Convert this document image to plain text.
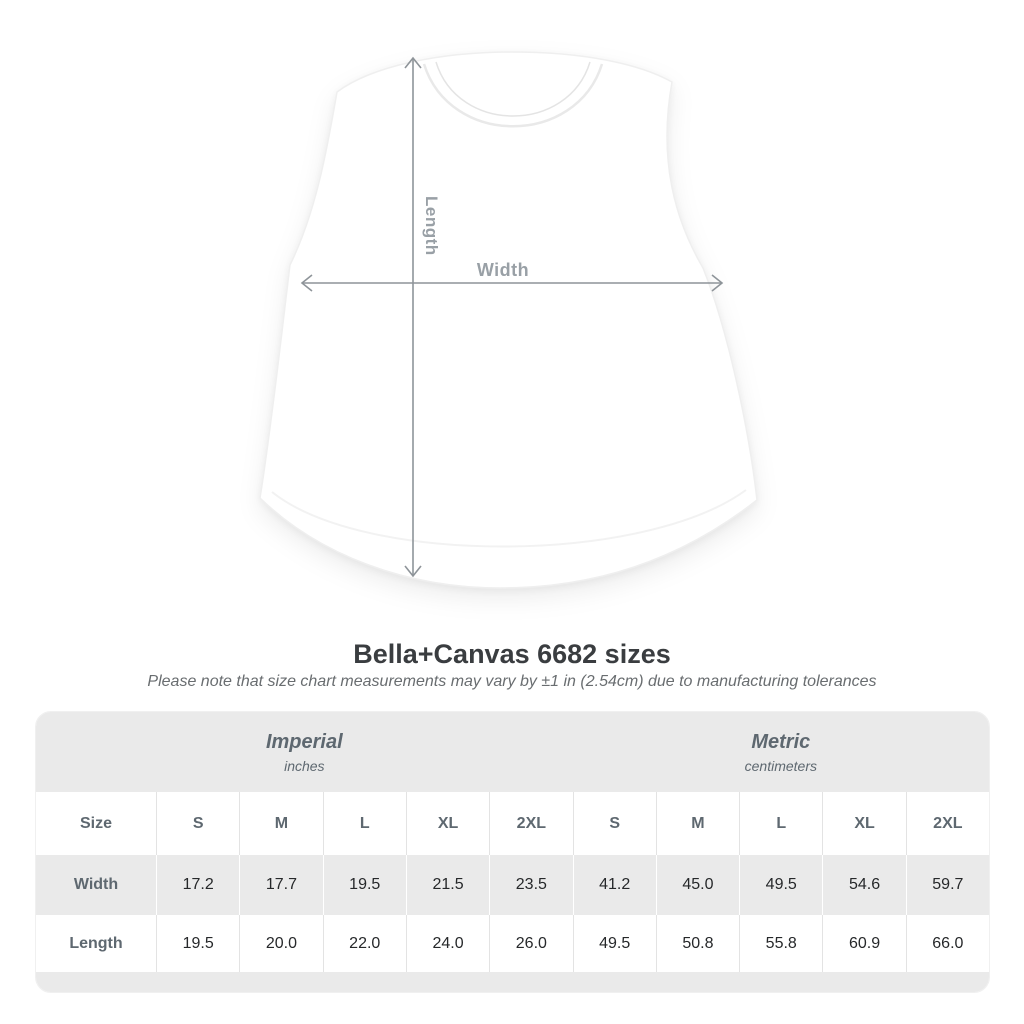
Length
Width
Bella+Canvas 6682 sizes

Please note that size chart measurements may vary by ±1 in (2.54cm) due to manufacturing tolerances

Imperial
inches
Metric
centimeters
Size	S	M	L	XL	2XL	S	M	L	XL	2XL
Width	17.2	17.7	19.5	21.5	23.5	41.2	45.0	49.5	54.6	59.7
Length	19.5	20.0	22.0	24.0	26.0	49.5	50.8	55.8	60.9	66.0
